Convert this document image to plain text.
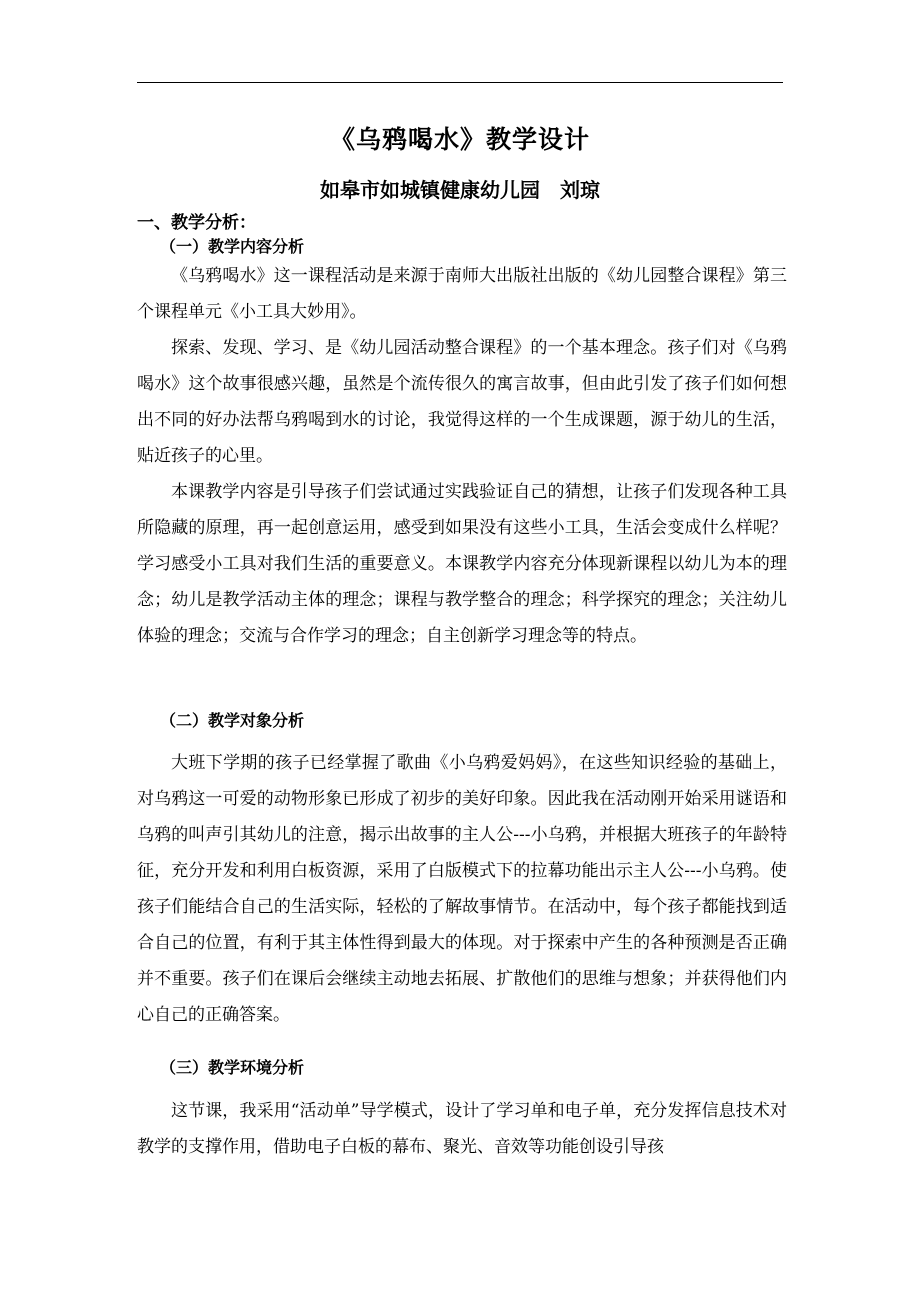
《乌鸦喝水》教学设计
如皋市如城镇健康幼儿园　刘琼
一、教学分析：
（一）教学内容分析

《乌鸦喝水》这一课程活动是来源于南师大出版社出版的《幼儿园整合课程》第三个课程单元《小工具大妙用》。

探索、发现、学习、是《幼儿园活动整合课程》的一个基本理念。孩子们对《乌鸦喝水》这个故事很感兴趣，虽然是个流传很久的寓言故事，但由此引发了孩子们如何想出不同的好办法帮乌鸦喝到水的讨论，我觉得这样的一个生成课题，源于幼儿的生活，贴近孩子的心里。

本课教学内容是引导孩子们尝试通过实践验证自己的猜想，让孩子们发现各种工具所隐藏的原理，再一起创意运用，感受到如果没有这些小工具，生活会变成什么样呢？学习感受小工具对我们生活的重要意义。本课教学内容充分体现新课程以幼儿为本的理念；幼儿是教学活动主体的理念；课程与教学整合的理念；科学探究的理念；关注幼儿体验的理念；交流与合作学习的理念；自主创新学习理念等的特点。

（二）教学对象分析

大班下学期的孩子已经掌握了歌曲《小乌鸦爱妈妈》，在这些知识经验的基础上，对乌鸦这一可爱的动物形象已形成了初步的美好印象。因此我在活动刚开始采用谜语和乌鸦的叫声引其幼儿的注意，揭示出故事的主人公---小乌鸦，并根据大班孩子的年龄特征，充分开发和利用白板资源，采用了白版模式下的拉幕功能出示主人公---小乌鸦。使孩子们能结合自己的生活实际，轻松的了解故事情节。在活动中，每个孩子都能找到适合自己的位置，有利于其主体性得到最大的体现。对于探索中产生的各种预测是否正确并不重要。孩子们在课后会继续主动地去拓展、扩散他们的思维与想象；并获得他们内心自己的正确答案。

（三）教学环境分析

这节课，我采用“活动单”导学模式，设计了学习单和电子单，充分发挥信息技术对教学的支撑作用，借助电子白板的幕布、聚光、音效等功能创设引导孩
